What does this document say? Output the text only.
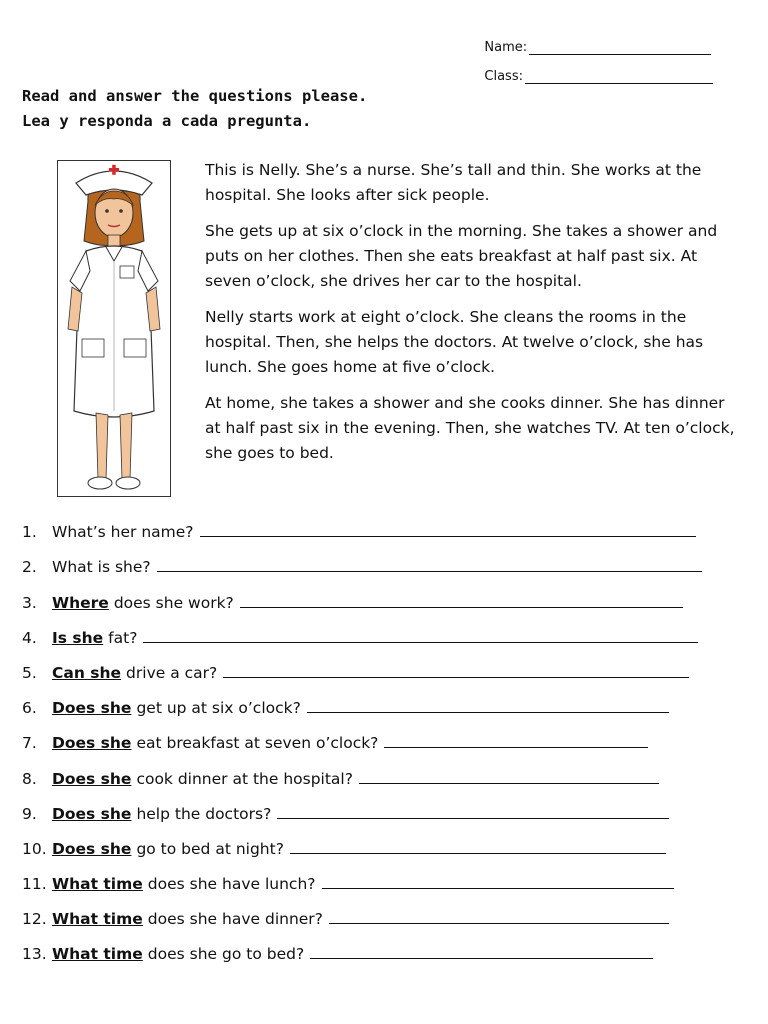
Name:
Class:
Read and answer the questions please.
Lea y responda a cada pregunta.

This is Nelly. She’s a nurse. She’s tall and thin. She works at the hospital. She looks after sick people.

She gets up at six o’clock in the morning. She takes a shower and puts on her clothes. Then she eats breakfast at half past six. At seven o’clock, she drives her car to the hospital.

Nelly starts work at eight o’clock. She cleans the rooms in the hospital. Then, she helps the doctors. At twelve o’clock, she has lunch. She goes home at five o’clock.

At home, she takes a shower and she cooks dinner. She has dinner at half past six in the evening. Then, she watches TV. At ten o’clock, she goes to bed.

1. What’s her name?
2. What is she?
3. Where does she work?
4. Is she fat?
5. Can she drive a car?
6. Does she get up at six o’clock?
7. Does she eat breakfast at seven o’clock?
8. Does she cook dinner at the hospital?
9. Does she help the doctors?
10. Does she go to bed at night?
11. What time does she have lunch?
12. What time does she have dinner?
13. What time does she go to bed?
